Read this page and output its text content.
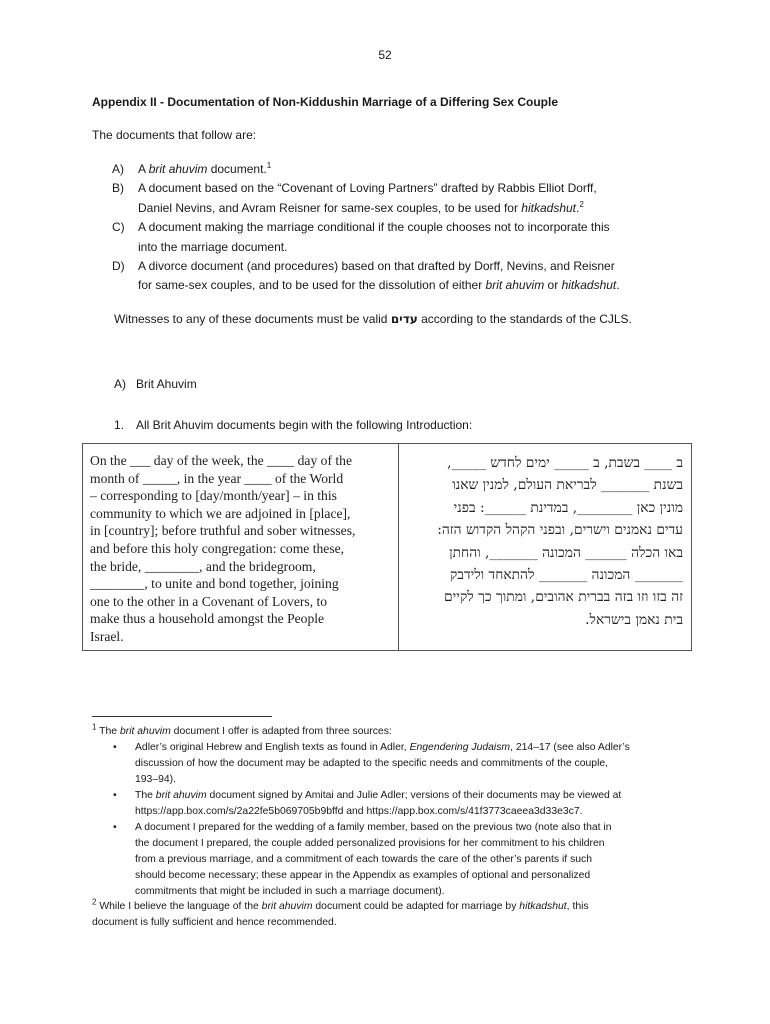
52
Appendix II - Documentation of Non-Kiddushin Marriage of a Differing Sex Couple
The documents that follow are:
A)	A brit ahuvim document.$^1$
B)	A document based on the “Covenant of Loving Partners” drafted by Rabbis Elliot Dorff,
Daniel Nevins, and Avram Reisner for same-sex couples, to be used for hitkadshut.$^2$
C)	A document making the marriage conditional if the couple chooses not to incorporate this
into the marriage document.
D)	A divorce document (and procedures) based on that drafted by Dorff, Nevins, and Reisner
for same-sex couples, and to be used for the dissolution of either brit ahuvim or hitkadshut.
Witnesses to any of these documents must be valid עדים according to the standards of the CJLS.
A) Brit Ahuvim
1. All Brit Ahuvim documents begin with the following Introduction:
On the ___ day of the week, the ____ day of the
month of _____, in the year ____ of the World
– corresponding to [day/month/year] – in this
community to which we are adjoined in [place],
in [country]; before truthful and sober witnesses,
and before this holy congregation: come these,
the bride, ________, and the bridegroom,
________, to unite and bond together, joining
one to the other in a Covenant of Lovers, to
make thus a household amongst the People
Israel.

ב ____ בשבת, ב _____ ימים לחדש _____,
בשנת _______ לבריאת העולם, למנין שאנו
מונין כאן ________, במדינת ______: בפני
עדים נאמנים וישרים, ובפני הקהל הקדוש הזה:
באו הכלה ______ המכונה _______, והחתן
_______ המכונה _______ להתאחד ולידבק
זה בזו וזו בזה בברית אהובים, ומתוך כך לקיים
בית נאמן בישראל.
$^1$ The brit ahuvim document I offer is adapted from three sources:
•	Adler’s original Hebrew and English texts as found in Adler, Engendering Judaism, 214–17 (see also Adler’s
discussion of how the document may be adapted to the specific needs and commitments of the couple,
193–94).
•	The brit ahuvim document signed by Amitai and Julie Adler; versions of their documents may be viewed at
https://app.box.com/s/2a22fe5b069705b9bffd and https://app.box.com/s/41f3773caeea3d33e3c7.
•	A document I prepared for the wedding of a family member, based on the previous two (note also that in
the document I prepared, the couple added personalized provisions for her commitment to his children
from a previous marriage, and a commitment of each towards the care of the other’s parents if such
should become necessary; these appear in the Appendix as examples of optional and personalized
commitments that might be included in such a marriage document).
$^2$ While I believe the language of the brit ahuvim document could be adapted for marriage by hitkadshut, this
document is fully sufficient and hence recommended.
